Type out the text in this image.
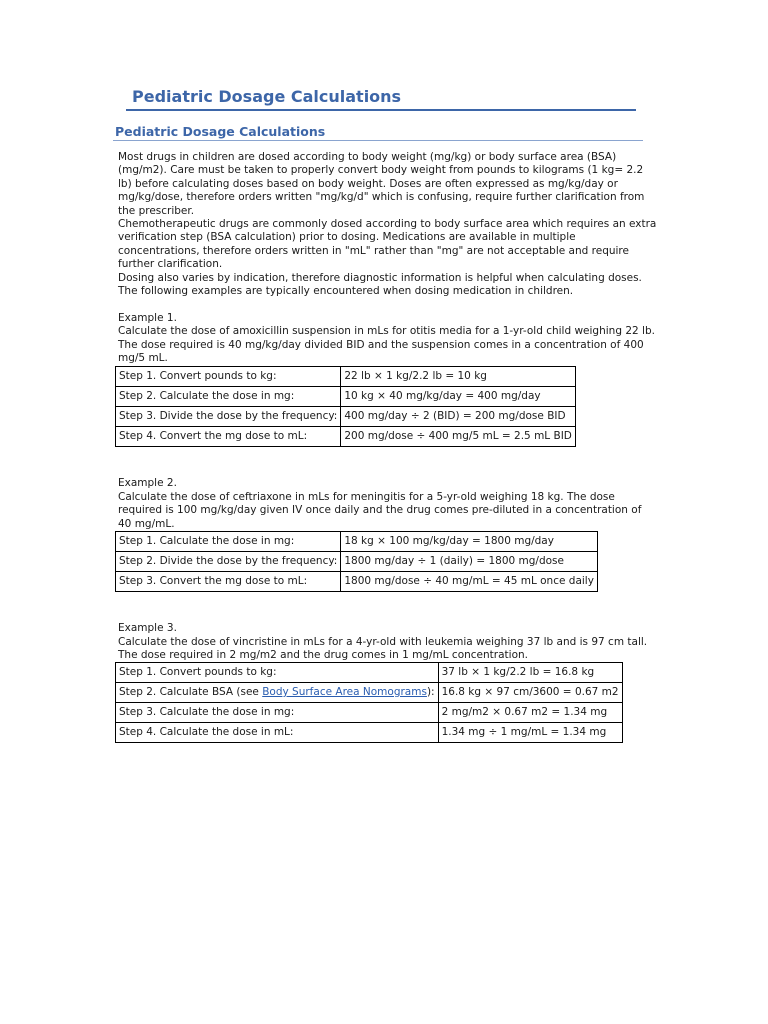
Pediatric Dosage Calculations
Pediatric Dosage Calculations

Most drugs in children are dosed according to body weight (mg/kg) or body surface area (BSA) (mg/m2). Care must be taken to properly convert body weight from pounds to kilograms (1 kg= 2.2 lb) before calculating doses based on body weight. Doses are often expressed as mg/kg/day or mg/kg/dose, therefore orders written "mg/kg/d" which is confusing, require further clarification from the prescriber.

Chemotherapeutic drugs are commonly dosed according to body surface area which requires an extra verification step (BSA calculation) prior to dosing. Medications are available in multiple concentrations, therefore orders written in "mL" rather than "mg" are not acceptable and require further clarification.

Dosing also varies by indication, therefore diagnostic information is helpful when calculating doses. The following examples are typically encountered when dosing medication in children.

Example 1.

Calculate the dose of amoxicillin suspension in mLs for otitis media for a 1-yr-old child weighing 22 lb. The dose required is 40 mg/kg/day divided BID and the suspension comes in a concentration of 400 mg/5 mL.

Step 1. Convert pounds to kg:	22 lb × 1 kg/2.2 lb = 10 kg
Step 2. Calculate the dose in mg:	10 kg × 40 mg/kg/day = 400 mg/day
Step 3. Divide the dose by the frequency:	400 mg/day ÷ 2 (BID) = 200 mg/dose BID
Step 4. Convert the mg dose to mL:	200 mg/dose ÷ 400 mg/5 mL = 2.5 mL BID

Example 2.

Calculate the dose of ceftriaxone in mLs for meningitis for a 5-yr-old weighing 18 kg. The dose required is 100 mg/kg/day given IV once daily and the drug comes pre-diluted in a concentration of 40 mg/mL.

Step 1. Calculate the dose in mg:	18 kg × 100 mg/kg/day = 1800 mg/day
Step 2. Divide the dose by the frequency:	1800 mg/day ÷ 1 (daily) = 1800 mg/dose
Step 3. Convert the mg dose to mL:	1800 mg/dose ÷ 40 mg/mL = 45 mL once daily

Example 3.

Calculate the dose of vincristine in mLs for a 4-yr-old with leukemia weighing 37 lb and is 97 cm tall. The dose required in 2 mg/m2 and the drug comes in 1 mg/mL concentration.

Step 1. Convert pounds to kg:	37 lb × 1 kg/2.2 lb = 16.8 kg
Step 2. Calculate BSA (see Body Surface Area Nomograms):	16.8 kg × 97 cm/3600 = 0.67 m2
Step 3. Calculate the dose in mg:	2 mg/m2 × 0.67 m2 = 1.34 mg
Step 4. Calculate the dose in mL:	1.34 mg ÷ 1 mg/mL = 1.34 mg
